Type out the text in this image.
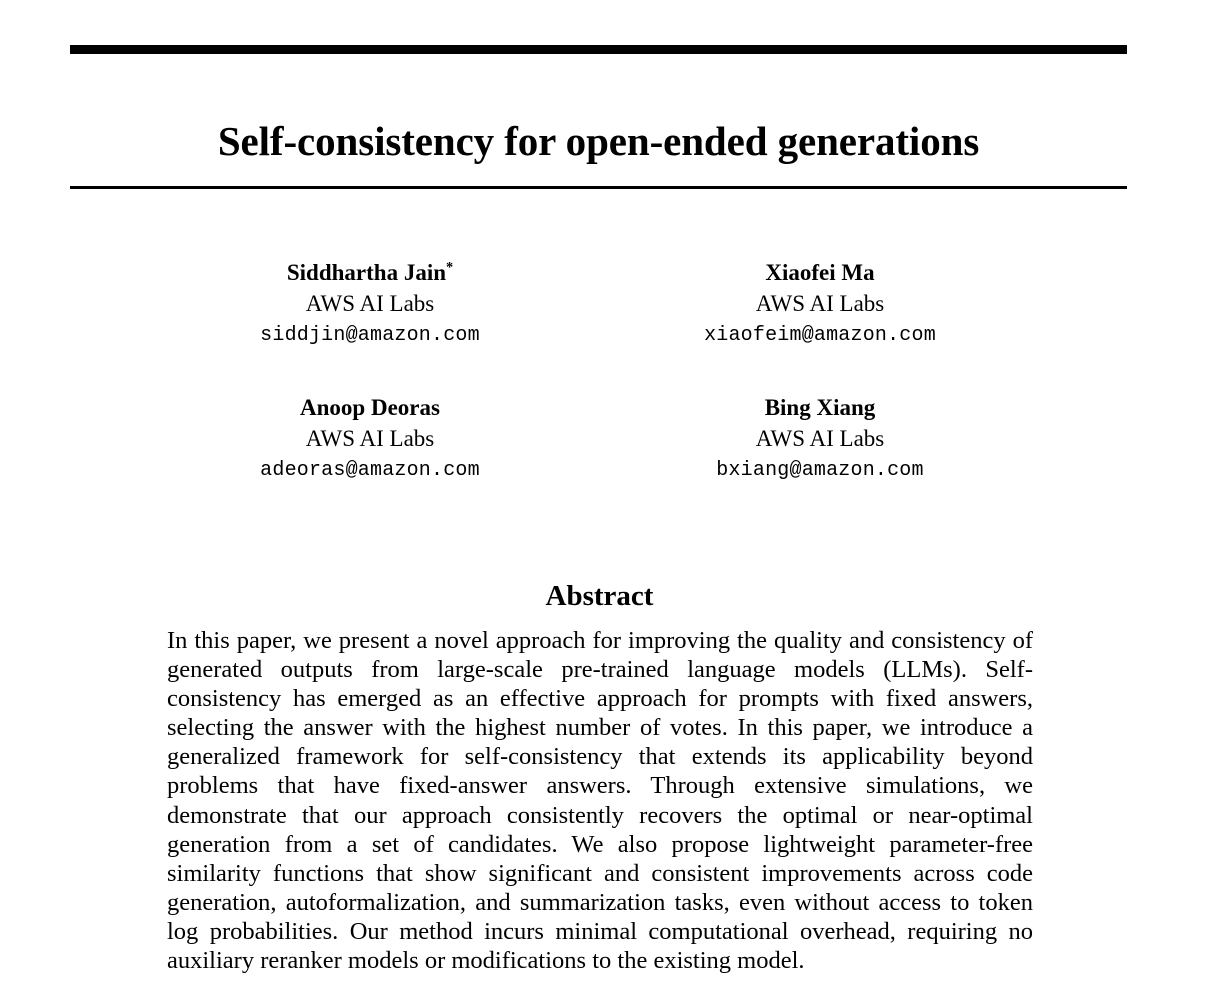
Self-consistency for open-ended generations
Siddhartha Jain*
AWS AI Labs
siddjin@amazon.com
Xiaofei Ma
AWS AI Labs
xiaofeim@amazon.com
Anoop Deoras
AWS AI Labs
adeoras@amazon.com
Bing Xiang
AWS AI Labs
bxiang@amazon.com
Abstract

In this paper, we present a novel approach for improving the quality and consistency of generated outputs from large-scale pre-trained language models (LLMs). Self-consistency has emerged as an effective approach for prompts with fixed answers, selecting the answer with the highest number of votes. In this paper, we introduce a generalized framework for self-consistency that extends its applicability beyond problems that have fixed-answer answers. Through extensive simulations, we demonstrate that our approach consistently recovers the optimal or near-optimal generation from a set of candidates. We also propose lightweight parameter-free similarity functions that show significant and consistent improvements across code generation, autoformalization, and summarization tasks, even without access to token log probabilities. Our method incurs minimal computational overhead, requiring no auxiliary reranker models or modifications to the existing model.
